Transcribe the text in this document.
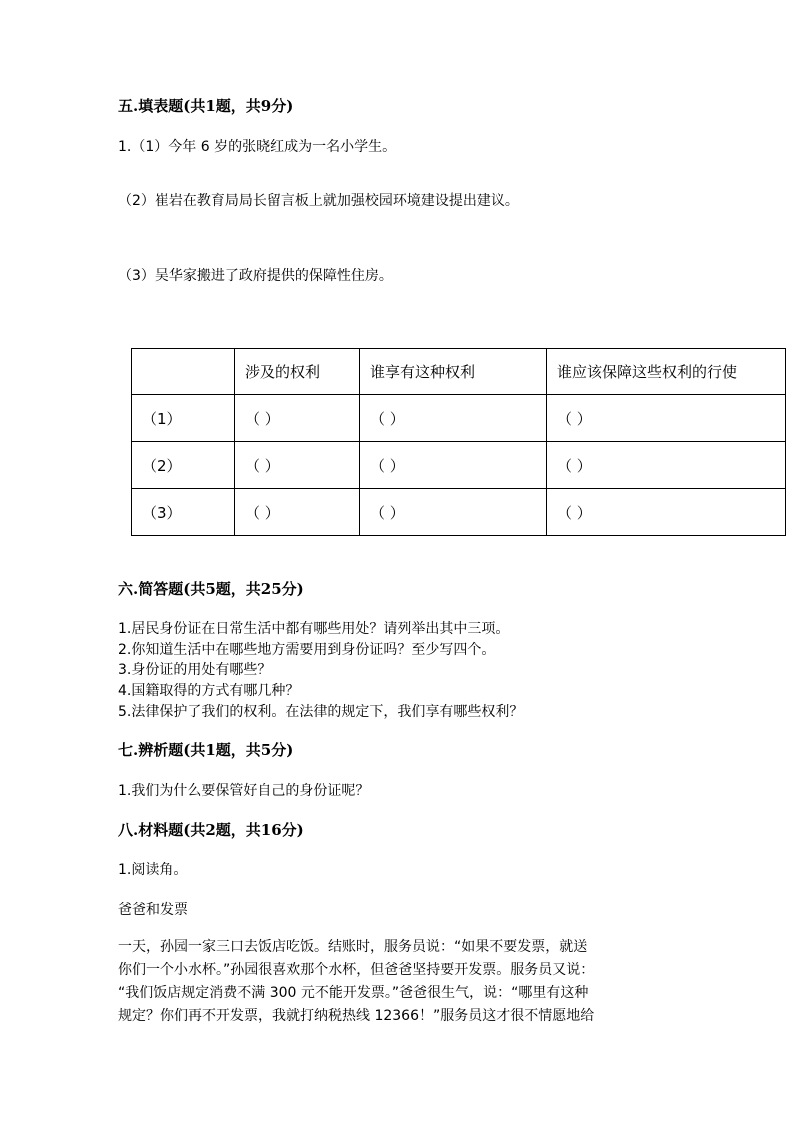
五.填表题(共1题，共9分)
1.（1）今年 6 岁的张晓红成为一名小学生。
（2）崔岩在教育局局长留言板上就加强校园环境建设提出建议。
（3）吴华家搬进了政府提供的保障性住房。
	涉及的权利	谁享有这种权利	谁应该保障这些权利的行使
（1）	（ ）	（ ）	（ ）
（2）	（ ）	（ ）	（ ）
（3）	（ ）	（ ）	（ ）
六.简答题(共5题，共25分)
1.居民身份证在日常生活中都有哪些用处？请列举出其中三项。
2.你知道生活中在哪些地方需要用到身份证吗？至少写四个。
3.身份证的用处有哪些？
4.国籍取得的方式有哪几种？
5.法律保护了我们的权利。在法律的规定下，我们享有哪些权利？
七.辨析题(共1题，共5分)
1.我们为什么要保管好自己的身份证呢？
八.材料题(共2题，共16分)
1.阅读角。
爸爸和发票
一天，孙园一家三口去饭店吃饭。结账时，服务员说：“如果不要发票，就送
你们一个小水杯。”孙园很喜欢那个水杯，但爸爸坚持要开发票。服务员又说：
“我们饭店规定消费不满 300 元不能开发票。”爸爸很生气，说：“哪里有这种
规定？你们再不开发票，我就打纳税热线 12366！”服务员这才很不情愿地给
